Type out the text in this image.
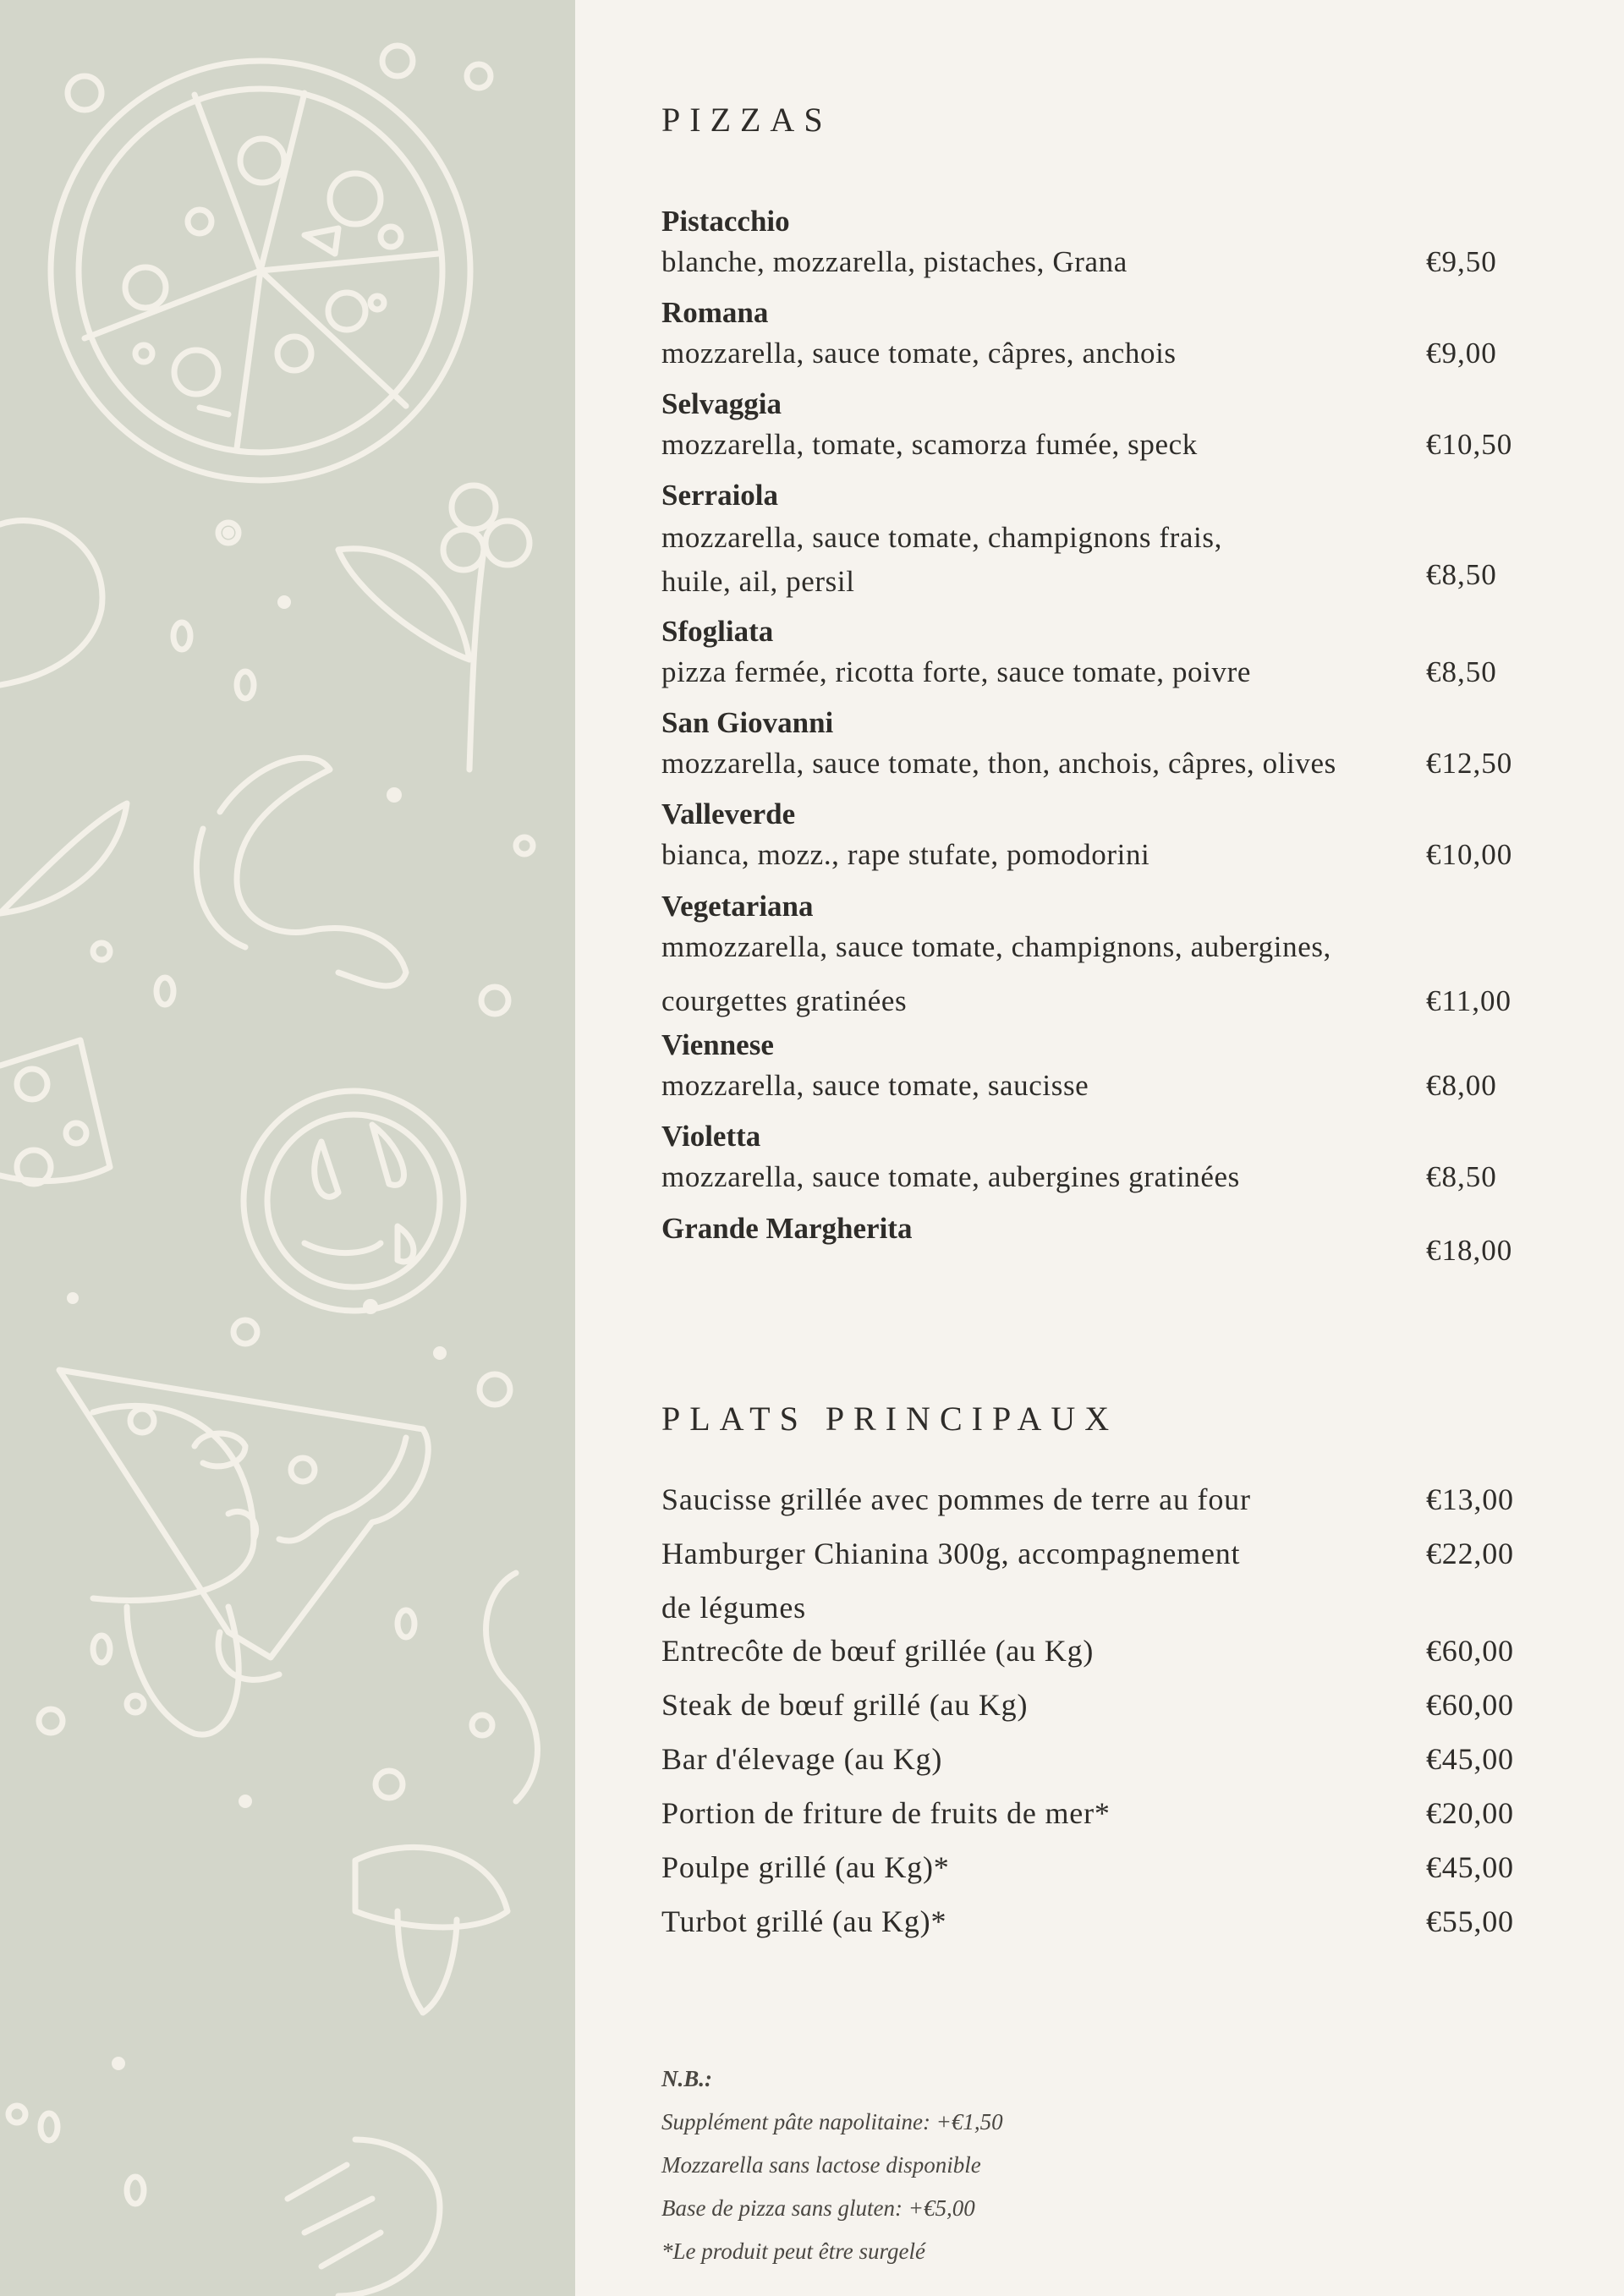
PIZZAS
Pistacchio
blanche, mozzarella, pistaches, Grana	€9,50
Romana
mozzarella, sauce tomate, câpres, anchois	€9,00
Selvaggia
mozzarella, tomate, scamorza fumée, speck	€10,50
Serraiola
mozzarella, sauce tomate, champignons frais,
huile, ail, persil	€8,50
Sfogliata
pizza fermée, ricotta forte, sauce tomate, poivre	€8,50
San Giovanni
mozzarella, sauce tomate, thon, anchois, câpres, olives	€12,50
Valleverde
bianca, mozz., rape stufate, pomodorini	€10,00
Vegetariana
mmozzarella, sauce tomate, champignons, aubergines,
courgettes gratinées	€11,00
Viennese
mozzarella, sauce tomate, saucisse	€8,00
Violetta
mozzarella, sauce tomate, aubergines gratinées	€8,50
Grande Margherita
€18,00
PLATS PRINCIPAUX
Saucisse grillée avec pommes de terre au four	€13,00
Hamburger Chianina 300g, accompagnement
de légumes
€22,00
Entrecôte de bœuf grillée (au Kg)	€60,00
Steak de bœuf grillé (au Kg)	€60,00
Bar d'élevage (au Kg)	€45,00
Portion de friture de fruits de mer*	€20,00
Poulpe grillé (au Kg)*	€45,00
Turbot grillé (au Kg)*	€55,00
N.B.:
Supplément pâte napolitaine: +€1,50
Mozzarella sans lactose disponible
Base de pizza sans gluten: +€5,00
*Le produit peut être surgelé
